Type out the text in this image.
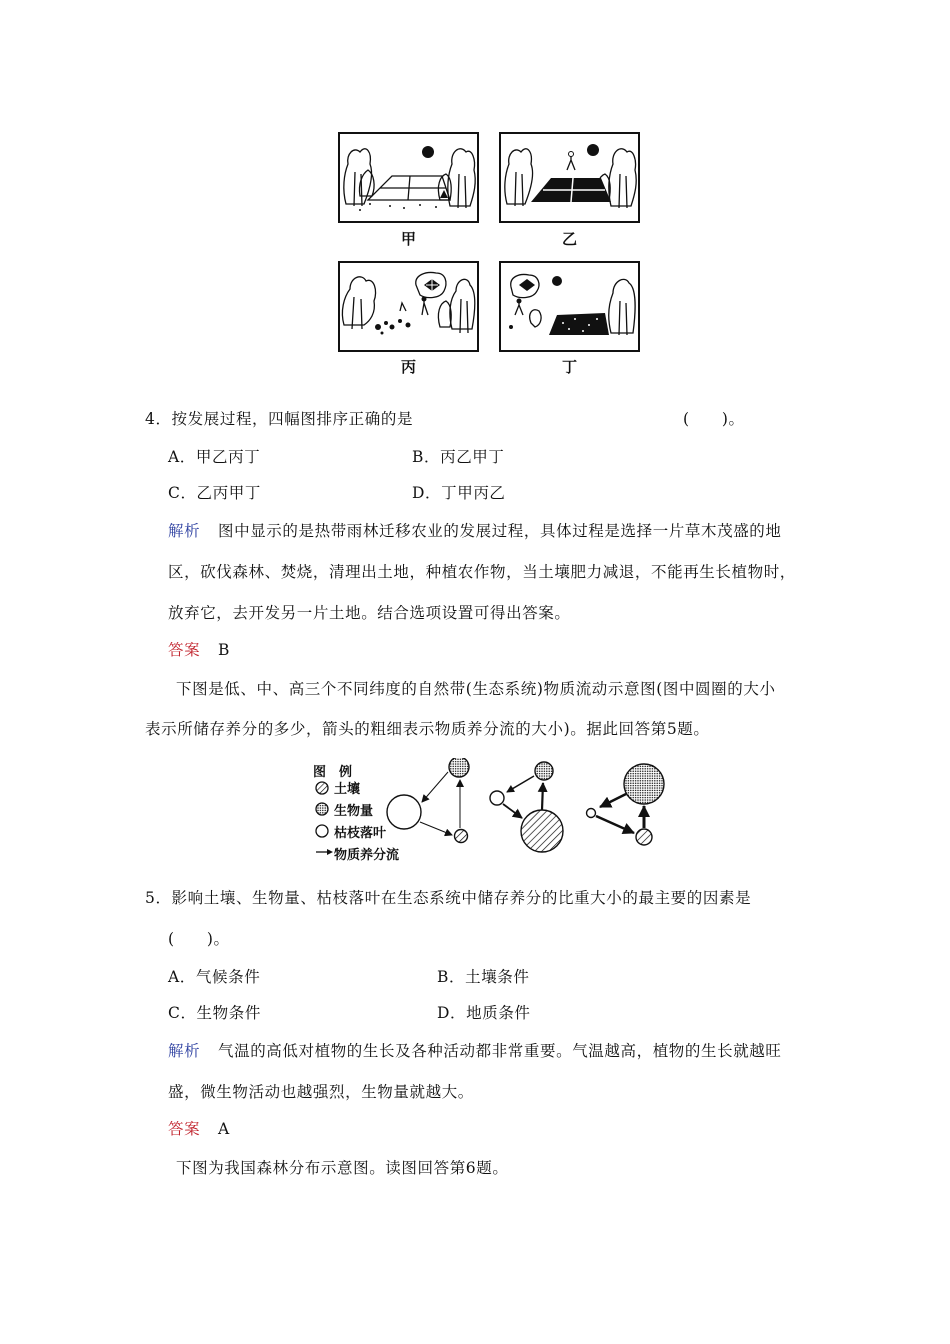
甲	乙
丙	丁
4．按发展过程，四幅图排序正确的是	(　　)。
A．甲乙丙丁	B．丙乙甲丁
C．乙丙甲丁	D．丁甲丙乙
解析 图中显示的是热带雨林迁移农业的发展过程，具体过程是选择一片草木茂盛的地
区，砍伐森林、焚烧，清理出土地，种植农作物，当土壤肥力减退，不能再生长植物时，
放弃它，去开发另一片土地。结合选项设置可得出答案。
答案 B
下图是低、中、高三个不同纬度的自然带(生态系统)物质流动示意图(图中圆圈的大小
表示所储存养分的多少，箭头的粗细表示物质养分流的大小)。据此回答第5题。
图　例
土壤
生物量
枯枝落叶
物质养分流
5．影响土壤、生物量、枯枝落叶在生态系统中储存养分的比重大小的最主要的因素是
(　　)。
A．气候条件	B．土壤条件
C．生物条件	D．地质条件
解析 气温的高低对植物的生长及各种活动都非常重要。气温越高，植物的生长就越旺
盛，微生物活动也越强烈，生物量就越大。
答案 A
下图为我国森林分布示意图。读图回答第6题。
